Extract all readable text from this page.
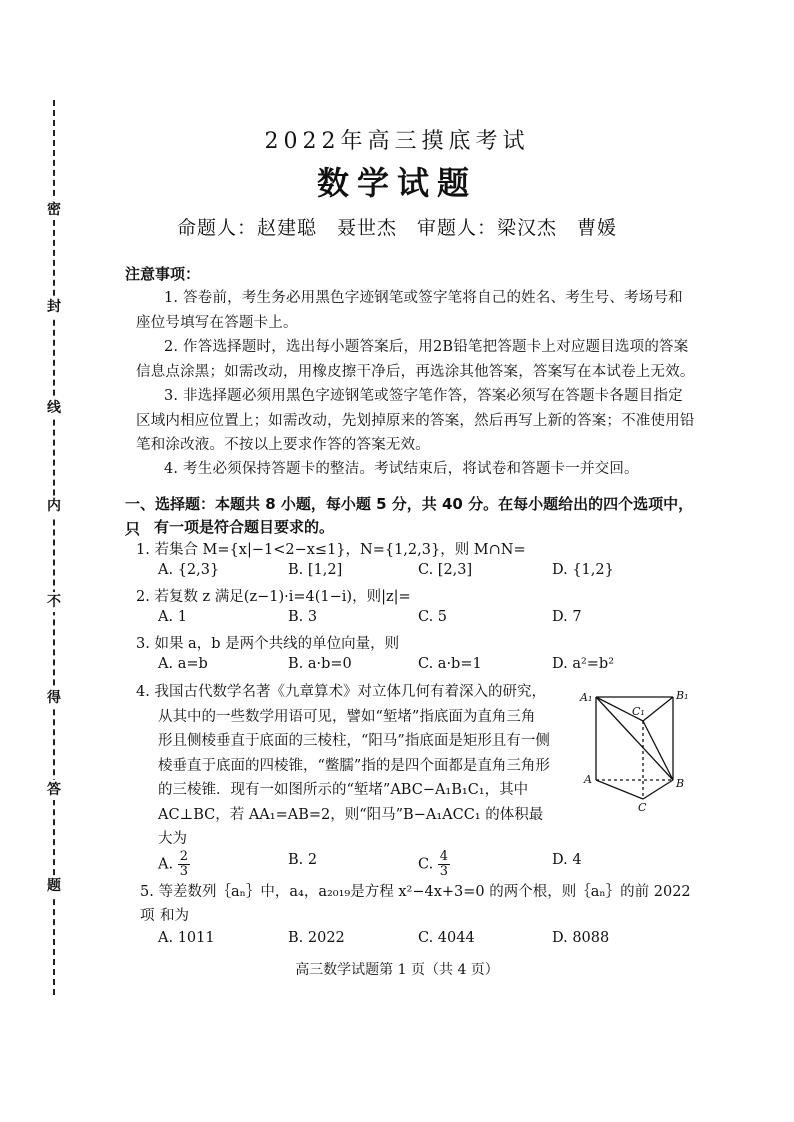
密
封
线
内
不
得
答
题
2022年高三摸底考试
数学试题
命题人：赵建聪　聂世杰　审题人：梁汉杰　曹媛
注意事项：
1. 答卷前，考生务必用黑色字迹钢笔或签字笔将自己的姓名、考生号、考场号和座位号填写在答题卡上。
2. 作答选择题时，选出每小题答案后，用2B铅笔把答题卡上对应题目选项的答案信息点涂黑；如需改动，用橡皮擦干净后，再选涂其他答案，答案写在本试卷上无效。
3. 非选择题必须用黑色字迹钢笔或签字笔作答，答案必须写在答题卡各题目指定区域内相应位置上；如需改动，先划掉原来的答案，然后再写上新的答案；不准使用铅笔和涂改液。不按以上要求作答的答案无效。
4. 考生必须保持答题卡的整洁。考试结束后，将试卷和答题卡一并交回。
一、选择题：本题共 8 小题，每小题 5 分，共 40 分。在每小题给出的四个选项中，只 有一项是符合题目要求的。
1. 若集合 M={x|−1<2−x≤1}，N={1,2,3}，则 M∩N=
A. {2,3}	B. [1,2]	C. [2,3]	D. {1,2}
2. 若复数 z 满足(z−1)·i=4(1−i)，则|z|=
A. 1	B. 3	C. 5	D. 7
3. 如果 a，b 是两个共线的单位向量，则
A. a=b	B. a·b=0	C. a·b=1	D. a²=b²
4. 我国古代数学名著《九章算术》对立体几何有着深入的研究，
从其中的一些数学用语可见，譬如“堑堵”指底面为直角三角
形且侧棱垂直于底面的三棱柱，“阳马”指底面是矩形且有一侧
棱垂直于底面的四棱锥，“鳖臑”指的是四个面都是直角三角形
的三棱锥．现有一如图所示的“堑堵”ABC−A₁B₁C₁，其中
AC⊥BC，若 AA₁=AB=2，则“阳马”B−A₁ACC₁ 的体积最
大为
A₁	B₁
C₁
A	B
C
A. $\frac{2}{3}$	B. 2	C. $\frac{4}{3}$	D. 4
5. 等差数列｛aₙ｝中，a₄，a₂₀₁₉是方程 x²−4x+3=0 的两个根，则｛aₙ｝的前 2022 项 和为
A. 1011	B. 2022	C. 4044	D. 8088
高三数学试题第 1 页（共 4 页）
